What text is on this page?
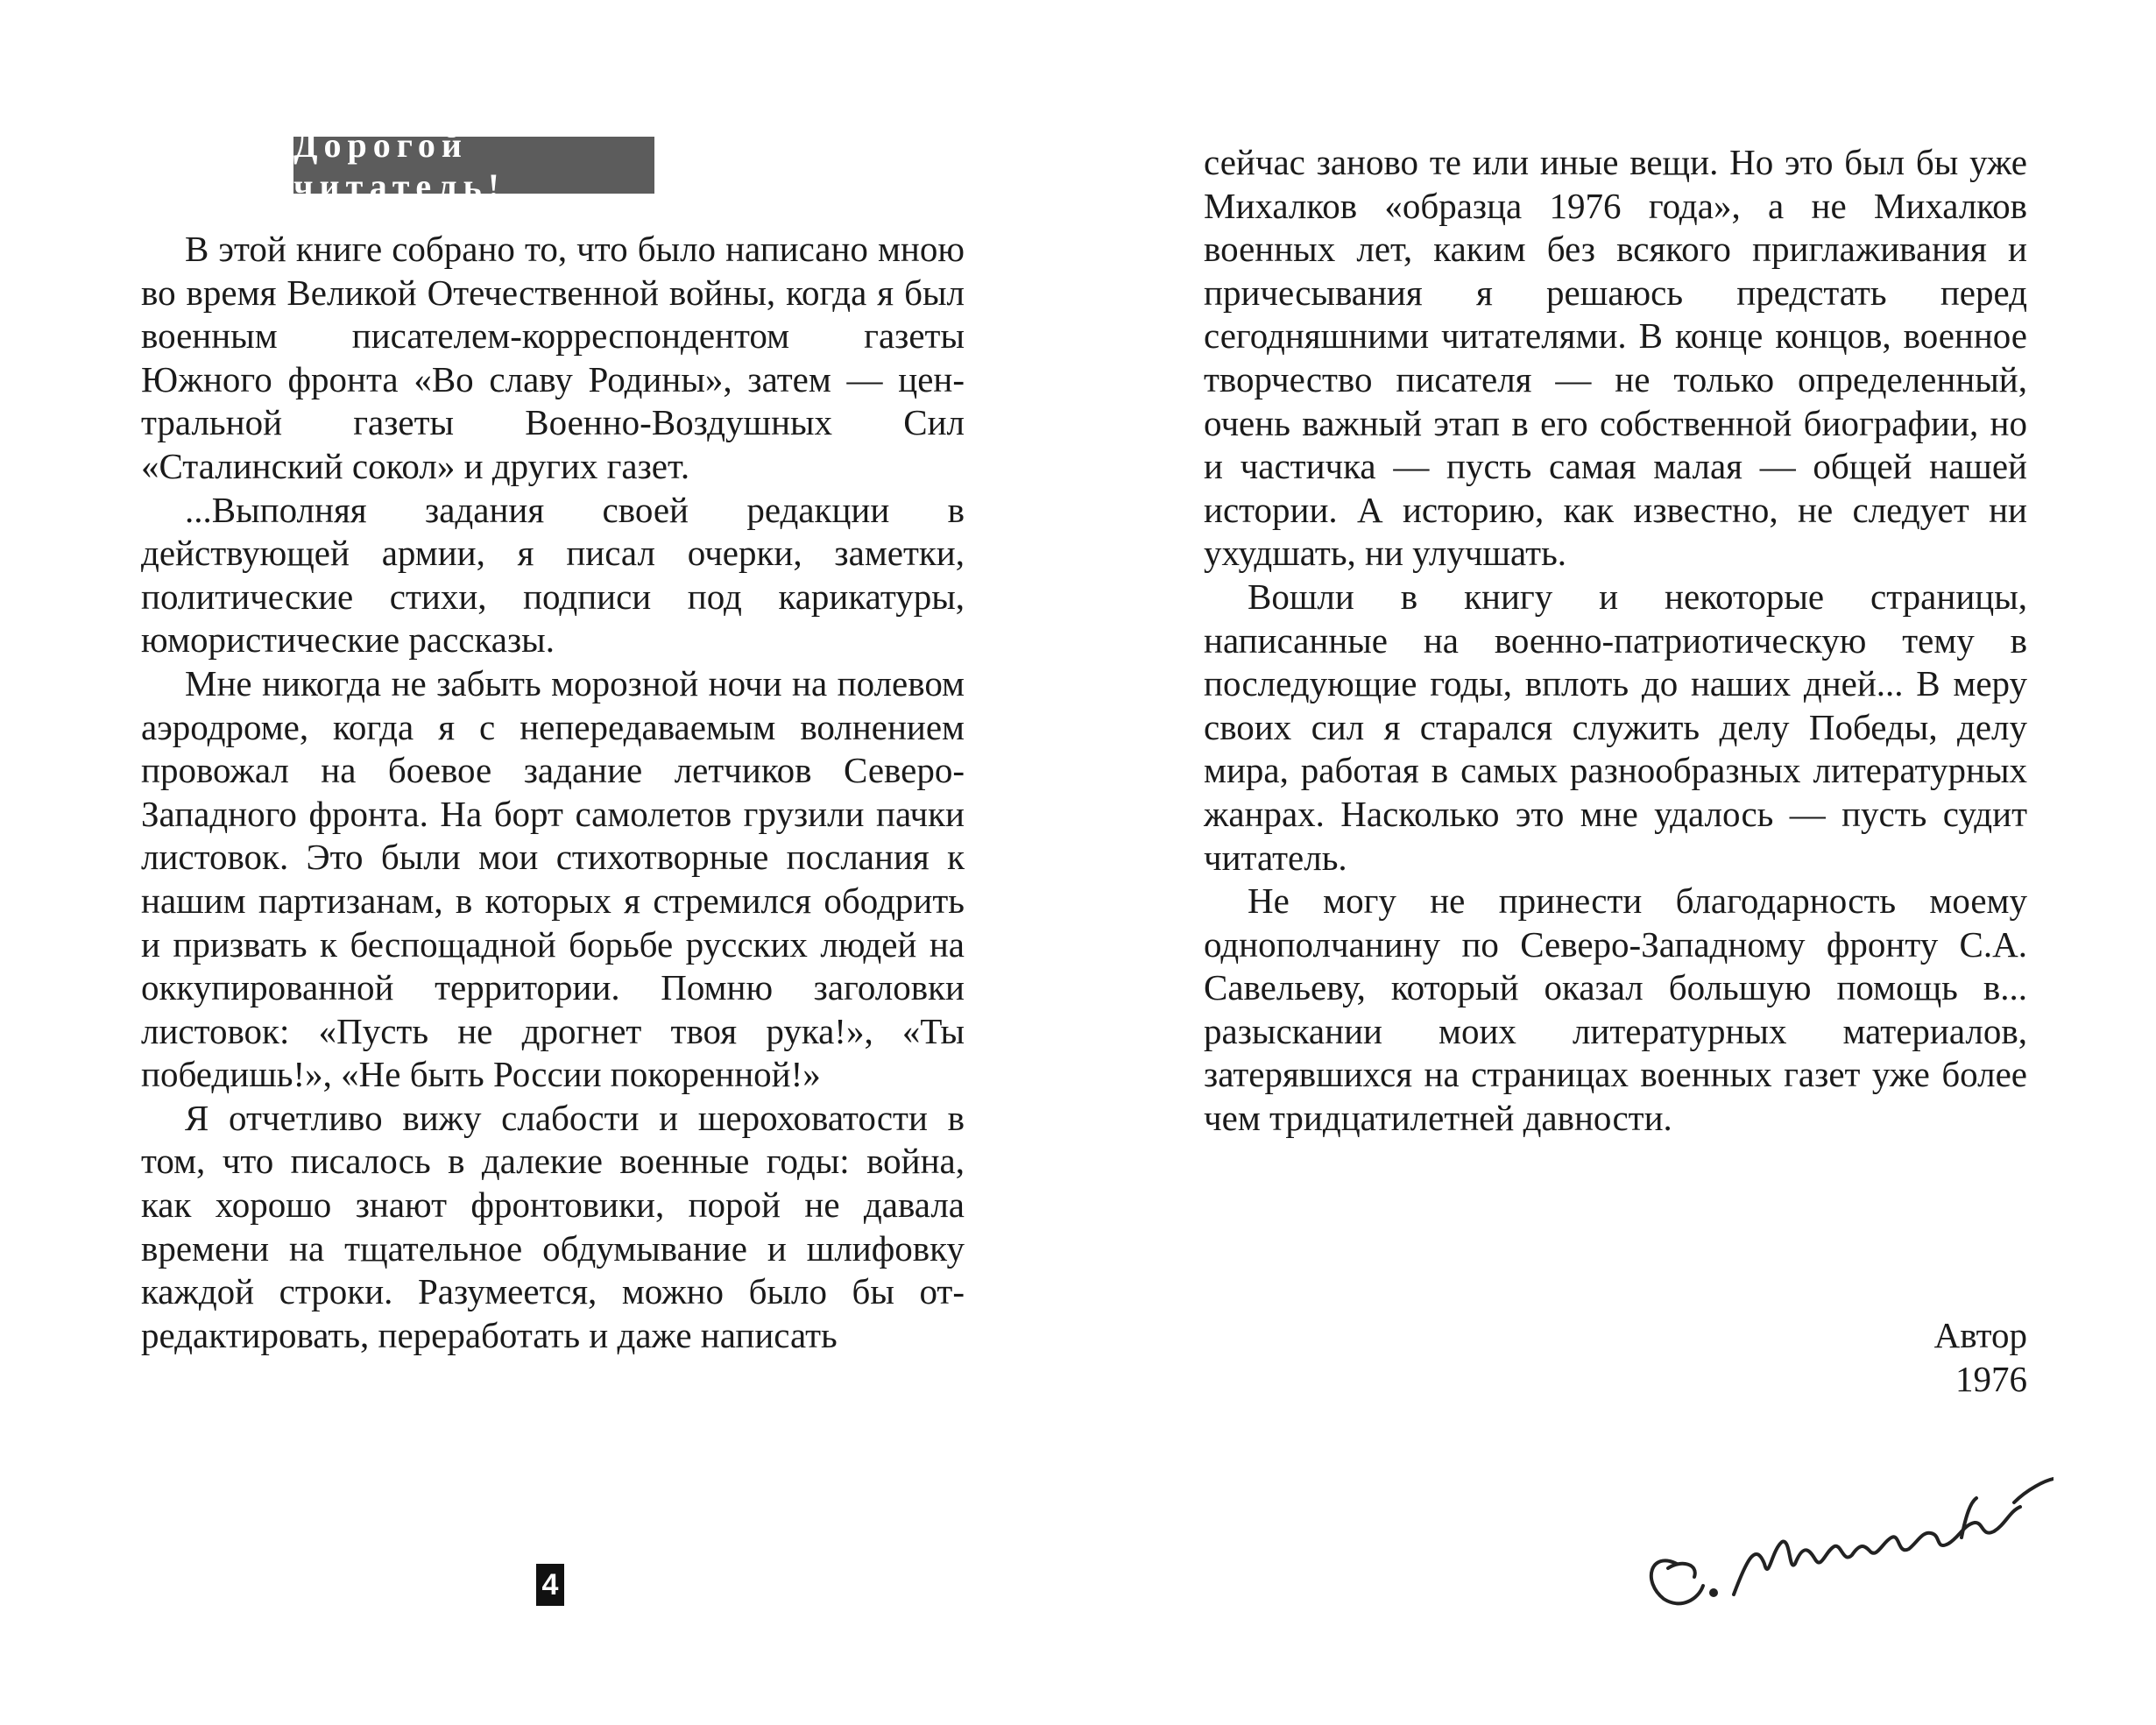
Дорогой читатель!

В этой книге собрано то, что было написано мною во время Великой Отечественной войны, когда я был военным писателем-корреспондентом газеты Южного фронта «Во славу Родины», затем — центральной газеты Военно-Воздушных Сил «Сталинский сокол» и других газет.

...Выполняя задания своей редакции в действующей армии, я писал очерки, заметки, политические стихи, подписи под карикатуры, юмористические рассказы.

Мне никогда не забыть морозной ночи на полевом аэродроме, когда я с непередаваемым волнением провожал на боевое задание летчиков Северо-Западного фронта. На борт самолетов грузили пачки листовок. Это были мои стихотворные послания к нашим партизанам, в которых я стремился ободрить и призвать к беспощадной борьбе русских людей на оккупированной территории. Помню заголовки листовок: «Пусть не дрогнет твоя рука!», «Ты победишь!», «Не быть России покоренной!»

Я отчетливо вижу слабости и шероховатости в том, что писалось в далекие военные годы: война, как хорошо знают фронтовики, порой не давала времени на тщательное обдумывание и шлифовку каждой строки. Разумеется, можно было бы отредактировать, переработать и даже написать

4

сейчас заново те или иные вещи. Но это был бы уже Михалков «образца 1976 года», а не Михалков военных лет, каким без всякого приглаживания и причесывания я решаюсь предстать перед сегодняшними читателями. В конце концов, военное творчество писателя — не только определенный, очень важный этап в его собственной биографии, но и частичка — пусть самая малая — общей нашей истории. А историю, как известно, не следует ни ухудшать, ни улучшать.

Вошли в книгу и некоторые страницы, написанные на военно-патриотическую тему в последующие годы, вплоть до наших дней... В меру своих сил я старался служить делу Победы, делу мира, работая в самых разнообразных литературных жанрах. Насколько это мне удалось — пусть судит читатель.

Не могу не принести благодарность моему однополчанину по Северо-Западному фронту С.А. Савельеву, который оказал большую помощь в... разыскании моих литературных материалов, затерявшихся на страницах военных газет уже более чем тридцатилетней давности.

Автор
1976
